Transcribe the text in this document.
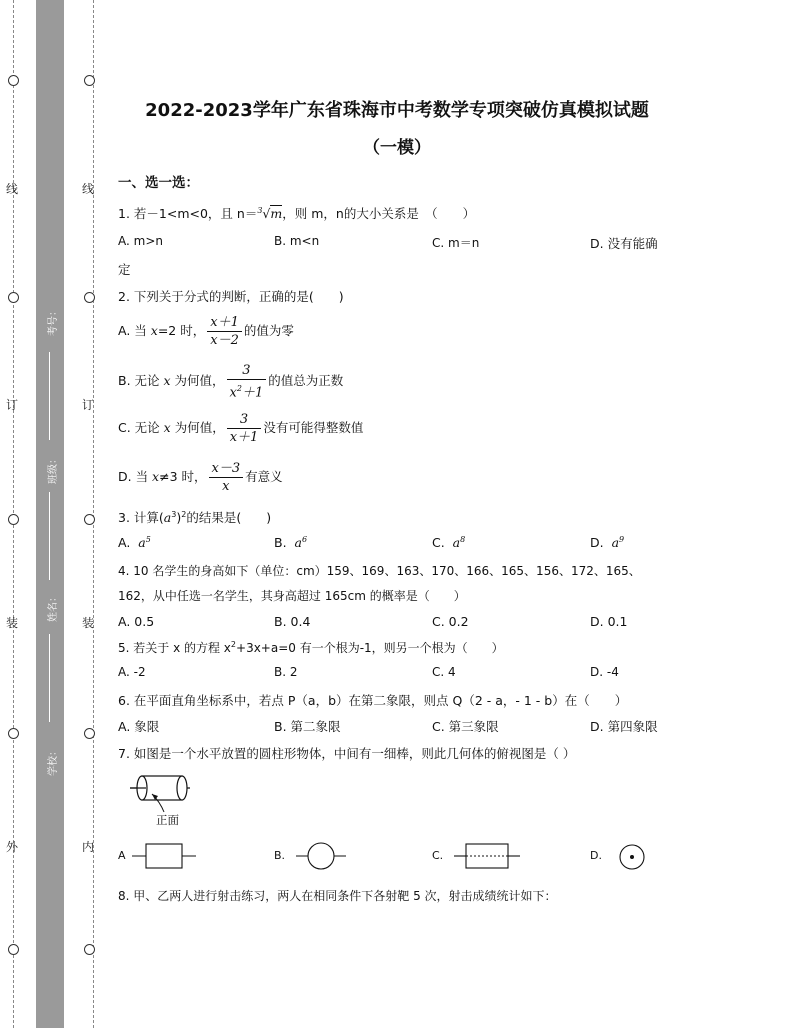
线
订
装
外
线
订
装
内
考号：
班级：
姓名：
学校：
2022-2023学年广东省珠海市中考数学专项突破仿真模拟试题
（一模）
一、选一选：
1. 若－1<m<0，且 n＝$^3$√m，则 m，n的大小关系是　（　　）
A. m>n	B. m<n	C. m＝n	D. 没有能确
定
2. 下列关于分式的判断，正确的是(　　)
A. 当 x=2 时， $\frac{x+1}{x-2}$ 的值为零
B. 无论 x 为何值， $\frac{3}{x^2+1}$ 的值总为正数
C. 无论 x 为何值， $\frac{3}{x+1}$ 没有可能得整数值
D. 当 x≠3 时， $\frac{x-3}{x}$ 有意义
3. 计算$(a^3)^2$的结果是(　　)
A. $a^5$	B. $a^6$	C. $a^8$	D. $a^9$
4. 10 名学生的身高如下（单位：cm）159、169、163、170、166、165、156、172、165、
162，从中任选一名学生，其身高超过 165cm 的概率是（　　）
A. 0.5	B. 0.4	C. 0.2	D. 0.1
5. 若关于 x 的方程 $x^2+3x+a=0$ 有一个根为-1，则另一个根为（　　）
A. -2	B. 2	C. 4	D. -4
6. 在平面直角坐标系中，若点 P（a，b）在第二象限，则点 Q（2 - a，- 1 - b）在（　　）
A. 象限	B. 第二象限	C. 第三象限	D. 第四象限
7. 如图是一个水平放置的圆柱形物体，中间有一细棒，则此几何体的俯视图是（ ）
正面
A	B.	C.	D.
8. 甲、乙两人进行射击练习，两人在相同条件下各射靶 5 次，射击成绩统计如下：
